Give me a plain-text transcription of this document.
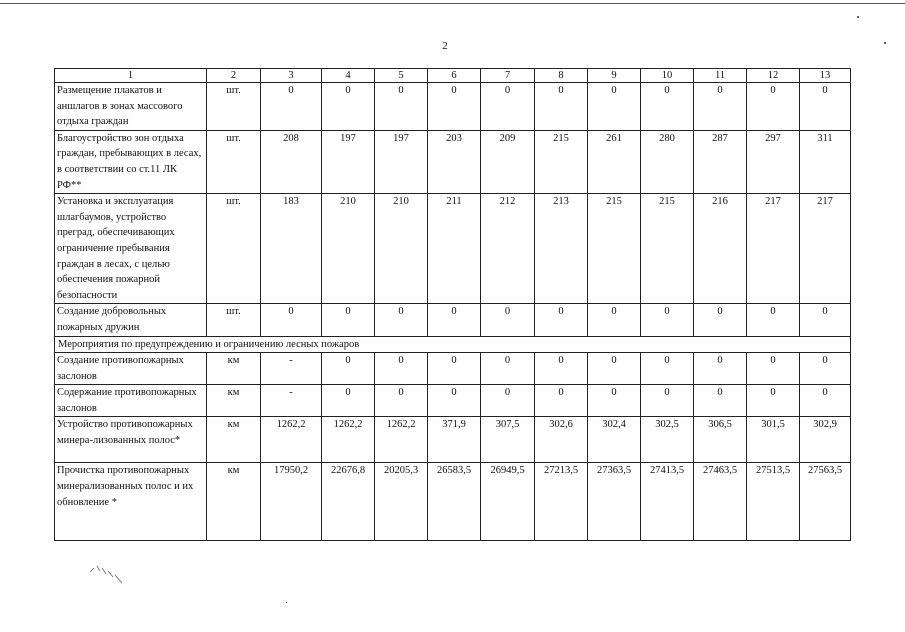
2
1	2	3	4	5	6	7	8	9	10	11	12	13
Размещение плакатов и аншлагов в зонах массового отдыха граждан	шт.	0	0	0	0	0	0	0	0	0	0	0
Благоустройство зон отдыха граждан, пребывающих в лесах, в соответствии со ст.11 ЛК РФ**	шт.	208	197	197	203	209	215	261	280	287	297	311
Установка и эксплуатация шлагбаумов, устройство преград, обеспечивающих ограничение пребывания граждан в лесах, с целью обеспечения пожарной безопасности	шт.	183	210	210	211	212	213	215	215	216	217	217
Создание добровольных пожарных дружин	шт.	0	0	0	0	0	0	0	0	0	0	0
Мероприятия по предупреждению и ограничению лесных пожаров												
Создание противопожарных заслонов	км	-	0	0	0	0	0	0	0	0	0	0
Содержание противопожарных заслонов	км	-	0	0	0	0	0	0	0	0	0	0
Устройство противопожарных минера-лизованных полос*	км	1262,2	1262,2	1262,2	371,9	307,5	302,6	302,4	302,5	306,5	301,5	302,9
Прочистка противопожарных минерализованных полос и их обновление *	км	17950,2	22676,8	20205,3	26583,5	26949,5	27213,5	27363,5	27413,5	27463,5	27513,5	27563,5
